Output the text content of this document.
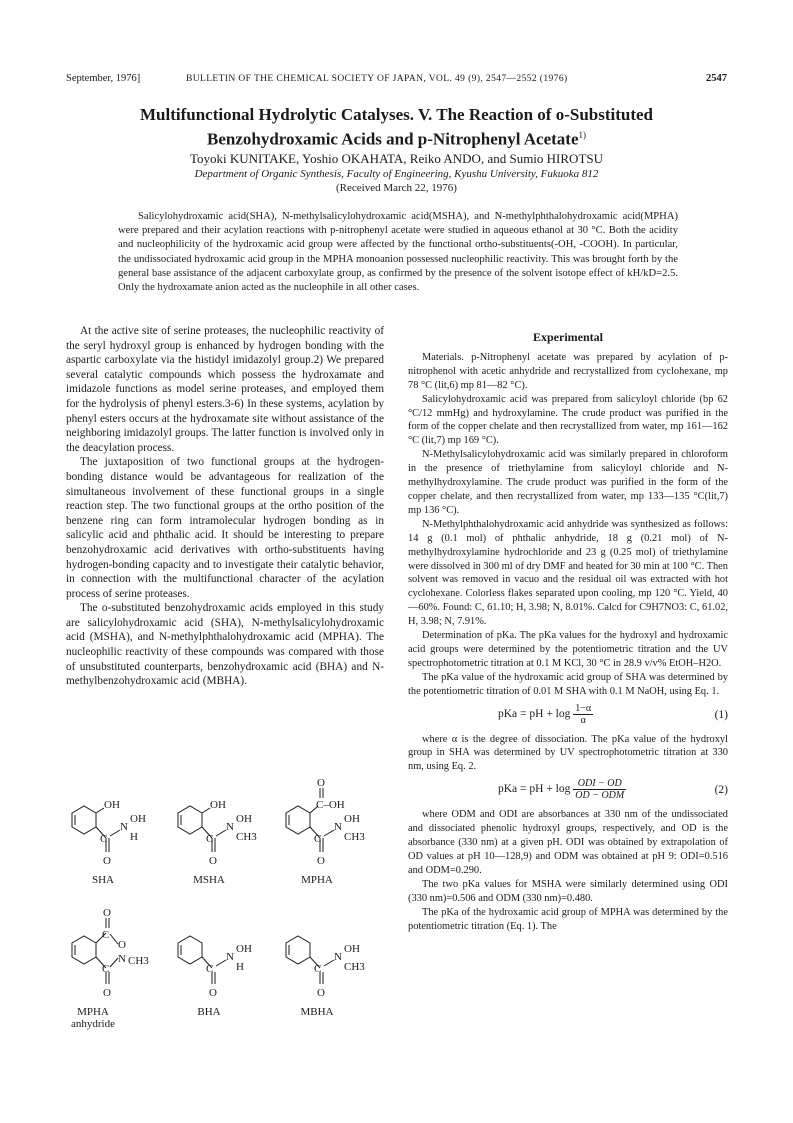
September, 1976]	BULLETIN OF THE CHEMICAL SOCIETY OF JAPAN, VOL. 49 (9), 2547—2552 (1976)	2547
Multifunctional Hydrolytic Catalyses. V. The Reaction of o-Substituted
Benzohydroxamic Acids and p-Nitrophenyl Acetate$^{1)}$
Toyoki KUNITAKE, Yoshio OKAHATA, Reiko ANDO, and Sumio HIROTSU
Department of Organic Synthesis, Faculty of Engineering, Kyushu University, Fukuoka 812
(Received March 22, 1976)

Salicylohydroxamic acid(SHA), N-methylsalicylohydroxamic acid(MSHA), and N-methylphthalohydroxamic acid(MPHA) were prepared and their acylation reactions with p-nitrophenyl acetate were studied in aqueous ethanol at 30 °C. Both the acidity and nucleophilicity of the hydroxamic acid group were affected by the functional ortho-substituents(-OH, -COOH). In particular, the undissociated hydroxamic acid group in the MPHA monoanion possessed nucleophilic reactivity. This was brought forth by the general base assistance of the adjacent carboxylate group, as confirmed by the presence of the solvent isotope effect of kH/kD=2.5. Only the hydroxamate anion acted as the nucleophile in all other cases.

At the active site of serine proteases, the nucleophilic reactivity of the seryl hydroxyl group is enhanced by hydrogen bonding with the aspartic carboxylate via the histidyl imidazolyl group.2) We prepared several catalytic compounds which possess the hydroxamate and imidazole functions as model serine proteases, and employed them for the hydrolysis of phenyl esters.3-6) In these systems, acylation by phenyl esters occurs at the hydroxamate site without assistance of the neighboring imidazolyl groups. The latter function is involved only in the deacylation process.

The juxtaposition of two functional groups at the hydrogen-bonding distance would be advantageous for realization of the simultaneous involvement of these functional groups in a single reaction step. The two functional groups at the ortho position of the benzene ring can form intramolecular hydrogen bonding as in salicylic acid and phthalic acid. It should be interesting to prepare benzohydroxamic acid derivatives with ortho-substituents having hydrogen-bonding capacity and to investigate their catalytic behavior, in connection with the multifunctional character of the acylation process of serine proteases.

The o-substituted benzohydroxamic acids employed in this study are salicylohydroxamic acid (SHA), N-methylsalicylohydroxamic acid (MSHA), and N-methylphthalohydroxamic acid (MPHA). The nucleophilic reactivity of these compounds was compared with those of unsubstituted counterparts, benzohydroxamic acid (BHA) and N-methylbenzohydroxamic acid (MBHA).

OH
C
N
OH
H
O
OH
C
N
OH
CH3
O
O
C–OH
C
N
OH
CH3
O
O
C
O
C
N CH3
O
C
N
OH
H
O
C
N
OH
CH3
O
SHA	MSHA	MPHA
MPHA anhydride
BHA	MBHA

Experimental

Materials. p-Nitrophenyl acetate was prepared by acylation of p-nitrophenol with acetic anhydride and recrystallized from cyclohexane, mp 78 °C (lit,6) mp 81—82 °C).

Salicylohydroxamic acid was prepared from salicyloyl chloride (bp 62 °C/12 mmHg) and hydroxylamine. The crude product was purified in the form of the copper chelate and then recrystallized from water, mp 161—162 °C (lit,7) mp 169 °C).

N-Methylsalicylohydroxamic acid was similarly prepared in chloroform in the presence of triethylamine from salicyloyl chloride and N-methylhydroxylamine. The crude product was purified in the form of the copper chelate, and then recrystallized from water, mp 133—135 °C(lit,7) mp 136 °C).

N-Methylphthalohydroxamic acid anhydride was synthesized as follows: 14 g (0.1 mol) of phthalic anhydride, 18 g (0.21 mol) of N-methylhydroxylamine hydrochloride and 23 g (0.25 mol) of triethylamine were dissolved in 300 ml of dry DMF and heated for 30 min at 100 °C. Then solvent was removed in vacuo and the residual oil was extracted with hot cyclohexane. Colorless flakes separated upon cooling, mp 120 °C. Yield, 40—60%. Found: C, 61.10; H, 3.98; N, 8.01%. Calcd for C9H7NO3: C, 61.02, H, 3.98; N, 7.91%.

Determination of pKa. The pKa values for the hydroxyl and hydroxamic acid groups were determined by the potentiometric titration and the UV spectrophotometric titration at 0.1 M KCl, 30 °C in 28.9 v/v% EtOH–H2O.

The pKa value of the hydroxamic acid group of SHA was determined by the potentiometric titration of 0.01 M SHA with 0.1 M NaOH, using Eq. 1.

pKa = pH + $\log \frac{1-\alpha}{\alpha}$	(1)

where α is the degree of dissociation. The pKa value of the hydroxyl group in SHA was determined by UV spectrophotometric titration at 330 nm, using Eq. 2.

pKa = pH + $\log \frac{\text{ODI − OD}}{\text{OD − ODM}}$	(2)

where ODM and ODI are absorbances at 330 nm of the undissociated and dissociated phenolic hydroxyl groups, respectively, and OD is the absorbance (330 nm) at a given pH. ODI was obtained by extrapolation of OD values at pH 10—128,9) and ODM was obtained at pH 9: ODI=0.516 and ODM=0.290.

The two pKa values for MSHA were similarly determined using ODI (330 nm)=0.506 and ODM (330 nm)=0.480.

The pKa of the hydroxamic acid group of MPHA was determined by the potentiometric titration (Eq. 1). The
